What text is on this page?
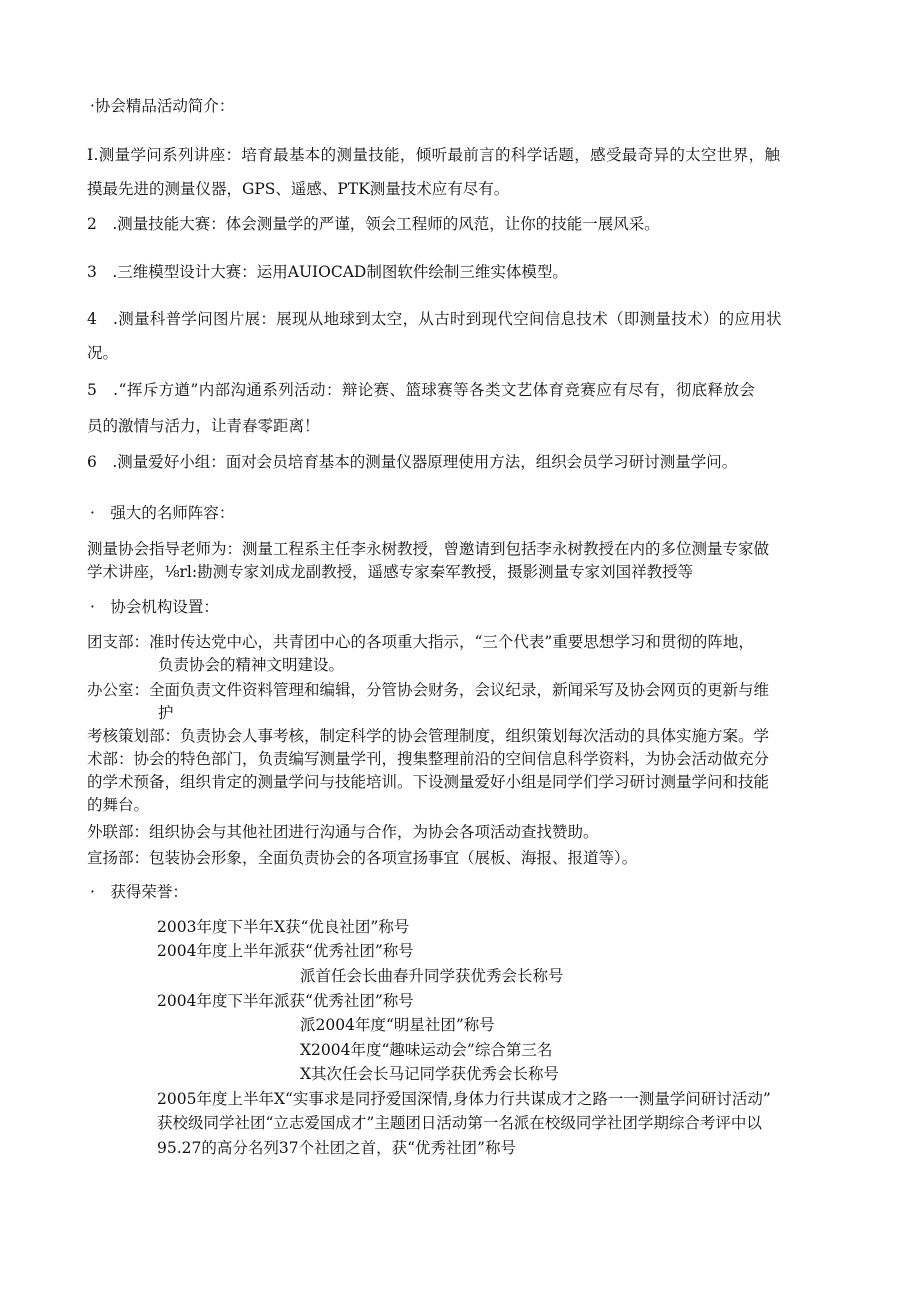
·协会精品活动简介：
I.测量学问系列讲座：培育最基本的测量技能，倾听最前言的科学话题，感受最奇异的太空世界，触
摸最先进的测量仪器，GPS、遥感、PTK测量技术应有尽有。
2　.测量技能大赛：体会测量学的严谨，领会工程师的风范，让你的技能一展风采。
3　.三维模型设计大赛：运用AUIOCAD制图软件绘制三维实体模型。
4　.测量科普学问图片展：展现从地球到太空，从古时到现代空间信息技术（即测量技术）的应用状
况。
5　.“挥斥方遒”内部沟通系列活动：辩论赛、篮球赛等各类文艺体育竞赛应有尽有，彻底释放会
员的激情与活力，让青春零距离！
6　.测量爱好小组：面对会员培育基本的测量仪器原理使用方法，组织会员学习研讨测量学问。
·　强大的名师阵容：
测量协会指导老师为：测量工程系主任李永树教授，曾邀请到包括李永树教授在内的多位测量专家做
学术讲座，⅛rl:勘测专家刘成龙副教授，遥感专家秦军教授，摄影测量专家刘国祥教授等
·　协会机构设置：
团支部：准时传达党中心，共青团中心的各项重大指示，“三个代表”重要思想学习和贯彻的阵地，
负责协会的精神文明建设。
办公室：全面负责文件资料管理和编辑，分管协会财务，会议纪录，新闻采写及协会网页的更新与维
护
考核策划部：负责协会人事考核，制定科学的协会管理制度，组织策划每次活动的具体实施方案。学
术部：协会的特色部门，负责编写测量学刊，搜集整理前沿的空间信息科学资料，为协会活动做充分
的学术预备，组织肯定的测量学问与技能培训。下设测量爱好小组是同学们学习研讨测量学问和技能
的舞台。
外联部：组织协会与其他社团进行沟通与合作，为协会各项活动查找赞助。
宣扬部：包装协会形象，全面负责协会的各项宣扬事宜（展板、海报、报道等）。
·　获得荣誉：
2003年度下半年X获“优良社团”称号
2004年度上半年派获“优秀社团”称号
派首任会长曲春升同学获优秀会长称号
2004年度下半年派获“优秀社团”称号
派2004年度“明星社团”称号
X2004年度“趣味运动会”综合第三名
X其次任会长马记同学获优秀会长称号
2005年度上半年X“实事求是同抒爱国深情,身体力行共谋成才之路一一测量学问研讨活动”
获校级同学社团“立志爱国成才”主题团日活动第一名派在校级同学社团学期综合考评中以
95.27的高分名列37个社团之首，获“优秀社团”称号
